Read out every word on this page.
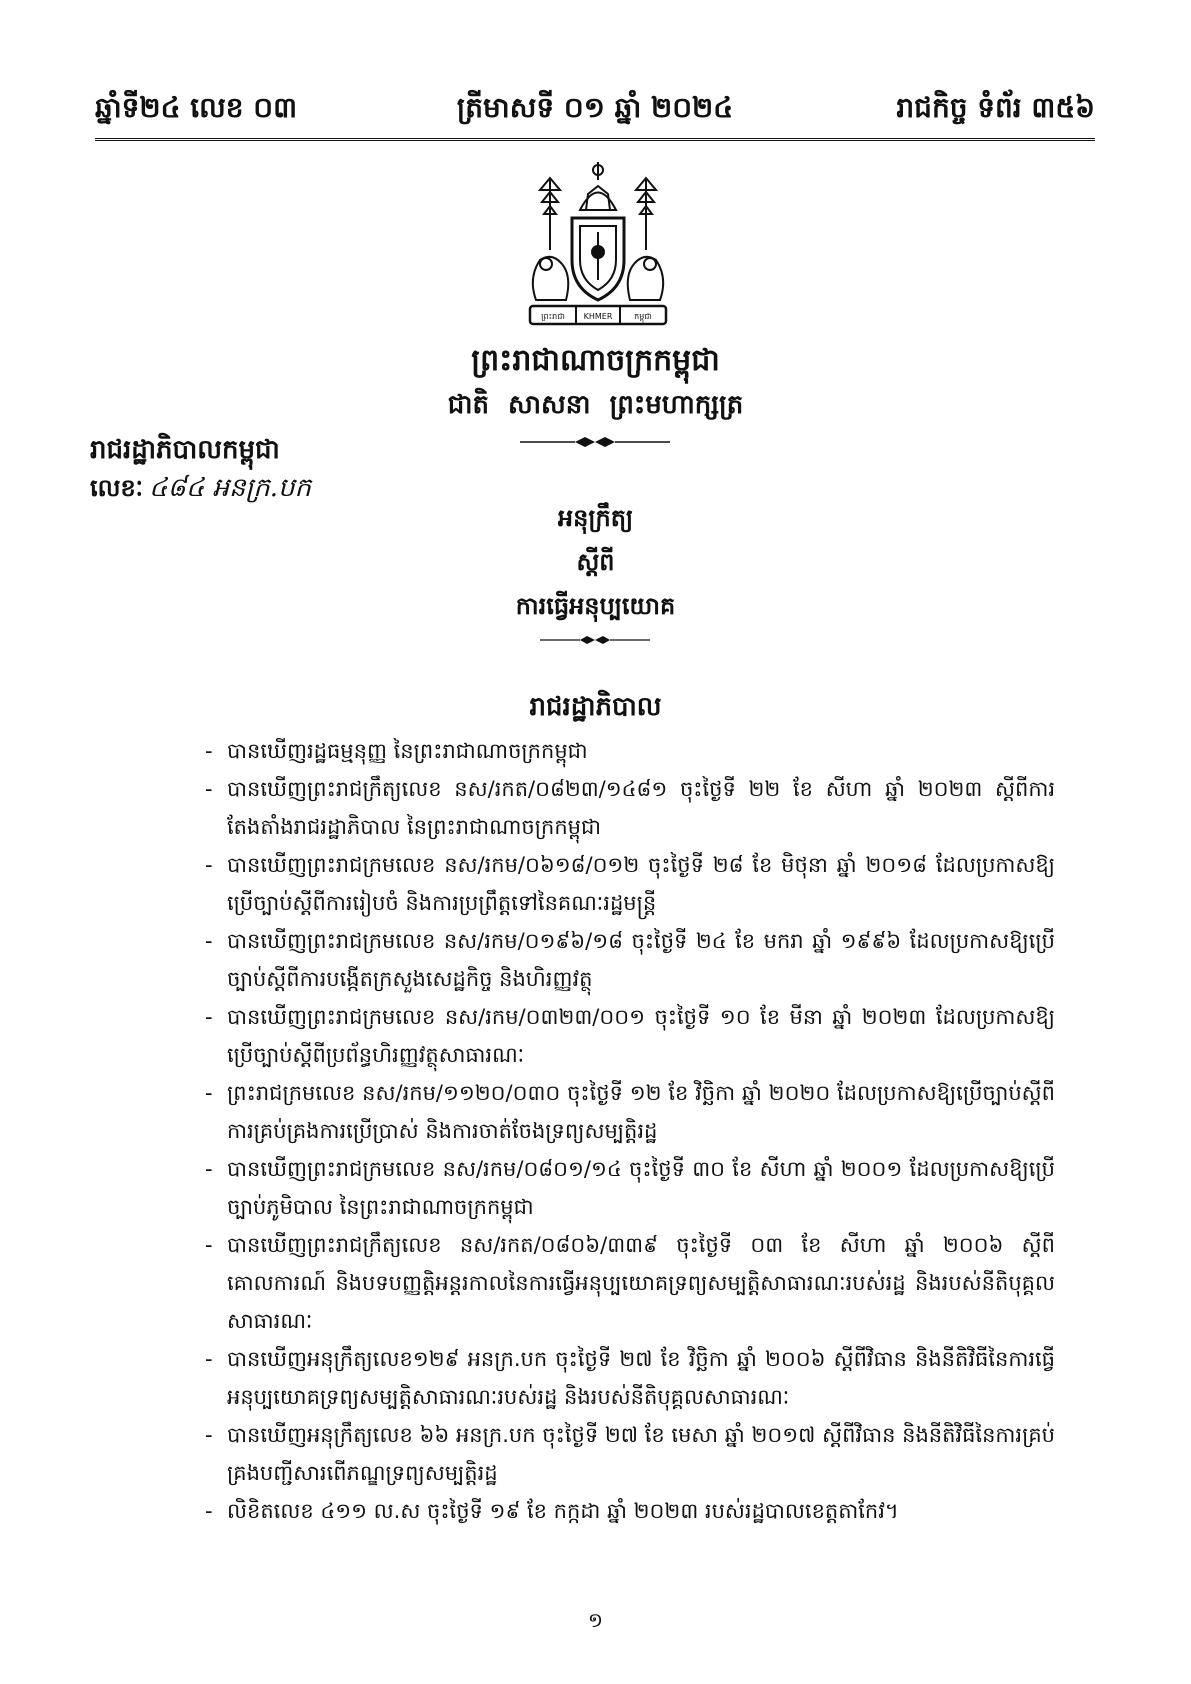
ឆ្នាំទី២៤ លេខ ០៣	ត្រីមាសទី ០១ ឆ្នាំ ២០២៤	រាជកិច្ច ទំព័រ ៣៥៦
ព្រះរាជា KHMER	កម្ពុជា
ព្រះរាជាណាចក្រកម្ពុជា
ជាតិ សាសនា ព្រះមហាក្សត្រ
រាជរដ្ឋាភិបាលកម្ពុជា
លេខៈ ៤៨៤ អនក្រ.បក
អនុក្រឹត្យ
ស្ដីពី
ការធ្វើអនុប្បយោគ
រាជរដ្ឋាភិបាល
- បានឃើញរដ្ឋធម្មនុញ្ញ នៃព្រះរាជាណាចក្រកម្ពុជា
- បានឃើញព្រះរាជក្រឹត្យលេខ នស/រកត/០៨២៣/១៤៨១ ចុះថ្ងៃទី ២២ ខែ សីហា ឆ្នាំ ២០២៣ ស្ដីពីការតែងតាំងរាជរដ្ឋាភិបាល នៃព្រះរាជាណាចក្រកម្ពុជា
- បានឃើញព្រះរាជក្រមលេខ នស/រកម/០៦១៨/០១២ ចុះថ្ងៃទី ២៨ ខែ មិថុនា ឆ្នាំ ២០១៨ ដែលប្រកាសឱ្យប្រើច្បាប់ស្ដីពីការរៀបចំ និងការប្រព្រឹត្តទៅនៃគណៈរដ្ឋមន្ត្រី
- បានឃើញព្រះរាជក្រមលេខ នស/រកម/០១៩៦/១៨ ចុះថ្ងៃទី ២៤ ខែ មករា ឆ្នាំ ១៩៩៦ ដែលប្រកាសឱ្យប្រើច្បាប់ស្ដីពីការបង្កើតក្រសួងសេដ្ឋកិច្ច និងហិរញ្ញវត្ថុ
- បានឃើញព្រះរាជក្រមលេខ នស/រកម/០៣២៣/០០១ ចុះថ្ងៃទី ១០ ខែ មីនា ឆ្នាំ ២០២៣ ដែលប្រកាសឱ្យប្រើច្បាប់ស្ដីពីប្រព័ន្ធហិរញ្ញវត្ថុសាធារណៈ
- ព្រះរាជក្រមលេខ នស/រកម/១១២០/០៣០ ចុះថ្ងៃទី ១២ ខែ វិច្ឆិកា ឆ្នាំ ២០២០ ដែលប្រកាសឱ្យប្រើច្បាប់ស្ដីពីការគ្រប់គ្រងការប្រើប្រាស់ និងការចាត់ចែងទ្រព្យសម្បត្តិរដ្ឋ
- បានឃើញព្រះរាជក្រមលេខ នស/រកម/០៨០១/១៤ ចុះថ្ងៃទី ៣០ ខែ សីហា ឆ្នាំ ២០០១ ដែលប្រកាសឱ្យប្រើច្បាប់ភូមិបាល នៃព្រះរាជាណាចក្រកម្ពុជា
- បានឃើញព្រះរាជក្រឹត្យលេខ នស/រកត/០៨០៦/៣៣៩ ចុះថ្ងៃទី ០៣ ខែ សីហា ឆ្នាំ ២០០៦ ស្ដីពីគោលការណ៍ និងបទបញ្ញត្តិអន្តរកាលនៃការធ្វើអនុប្បយោគទ្រព្យសម្បត្តិសាធារណៈរបស់រដ្ឋ និងរបស់នីតិបុគ្គលសាធារណៈ
- បានឃើញអនុក្រឹត្យលេខ១២៩ អនក្រ.បក ចុះថ្ងៃទី ២៧ ខែ វិច្ឆិកា ឆ្នាំ ២០០៦ ស្ដីពីវិធាន និងនីតិវិធីនៃការធ្វើអនុប្បយោគទ្រព្យសម្បត្តិសាធារណៈរបស់រដ្ឋ និងរបស់នីតិបុគ្គលសាធារណៈ
- បានឃើញអនុក្រឹត្យលេខ ៦៦ អនក្រ.បក ចុះថ្ងៃទី ២៧ ខែ មេសា ឆ្នាំ ២០១៧ ស្ដីពីវិធាន និងនីតិវិធីនៃការគ្រប់គ្រងបញ្ជីសារពើភណ្ឌទ្រព្យសម្បត្តិរដ្ឋ
- លិខិតលេខ ៤១១ ល.ស ចុះថ្ងៃទី ១៩ ខែ កក្កដា ឆ្នាំ ២០២៣ របស់រដ្ឋបាលខេត្តតាកែវ។
១
